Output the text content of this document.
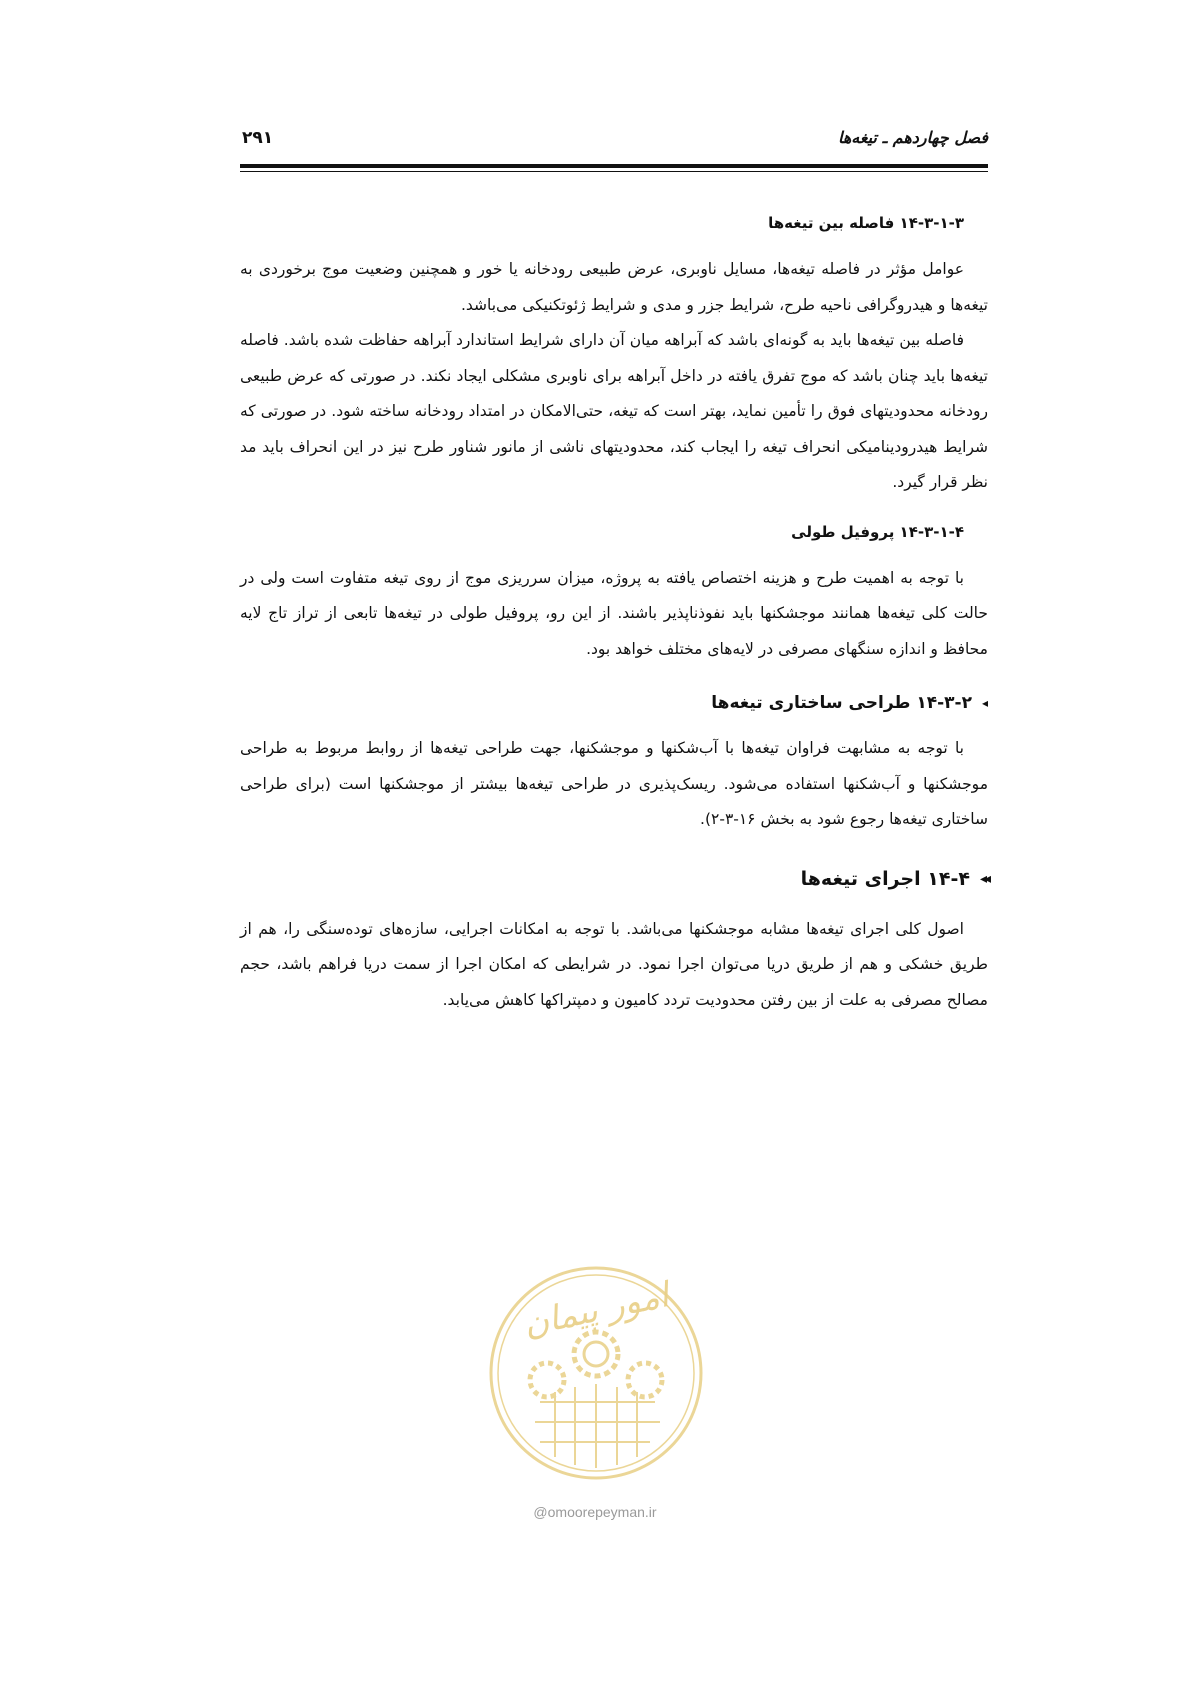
فصل چهاردهم ـ تیغه‌ها
۲۹۱
۱۴-۳-۱-۳ فاصله بین تیغه‌ها

عوامل مؤثر در فاصله تیغه‌ها، مسایل ناوبری، عرض طبیعی رودخانه یا خور و همچنین وضعیت موج برخوردی به تیغه‌ها و هیدروگرافی ناحیه طرح، شرایط جزر و مدی و شرایط ژئوتکنیکی می‌باشد.

فاصله بین تیغه‌ها باید به گونه‌ای باشد که آبراهه میان آن دارای شرایط استاندارد آبراهه حفاظت شده باشد. فاصله تیغه‌ها باید چنان باشد که موج تفرق یافته در داخل آبراهه برای ناوبری مشکلی ایجاد نکند. در صورتی که عرض طبیعی رودخانه محدودیتهای فوق را تأمین نماید، بهتر است که تیغه، حتی‌الامکان در امتداد رودخانه ساخته شود. در صورتی که شرایط هیدرودینامیکی انحراف تیغه را ایجاب کند، محدودیتهای ناشی از مانور شناور طرح نیز در این انحراف باید مد نظر قرار گیرد.

۱۴-۳-۱-۴ پروفیل طولی

با توجه به اهمیت طرح و هزینه اختصاص یافته به پروژه، میزان سرریزی موج از روی تیغه متفاوت است ولی در حالت کلی تیغه‌ها همانند موجشکنها باید نفوذناپذیر باشند. از این رو، پروفیل طولی در تیغه‌ها تابعی از تراز تاج لایه محافظ و اندازه سنگهای مصرفی در لایه‌های مختلف خواهد بود.

◂
۱۴-۳-۲ طراحی ساختاری تیغه‌ها

با توجه به مشابهت فراوان تیغه‌ها با آب‌شکنها و موجشکنها، جهت طراحی تیغه‌ها از روابط مربوط به طراحی موجشکنها و آب‌شکنها استفاده می‌شود. ریسک‌پذیری در طراحی تیغه‌ها بیشتر از موجشکنها است (برای طراحی ساختاری تیغه‌ها رجوع شود به بخش ۱۶-۳-۲).

◂◂
۱۴-۴ اجرای تیغه‌ها

اصول کلی اجرای تیغه‌ها مشابه موجشکنها می‌باشد. با توجه به امکانات اجرایی، سازه‌های توده‌سنگی را، هم از طریق خشکی و هم از طریق دریا می‌توان اجرا نمود. در شرایطی که امکان اجرا از سمت دریا فراهم باشد، حجم مصالح مصرفی به علت از بین رفتن محدودیت تردد کامیون و دمپتراکها کاهش می‌یابد.

امور پیمان
@omoorepeyman.ir
